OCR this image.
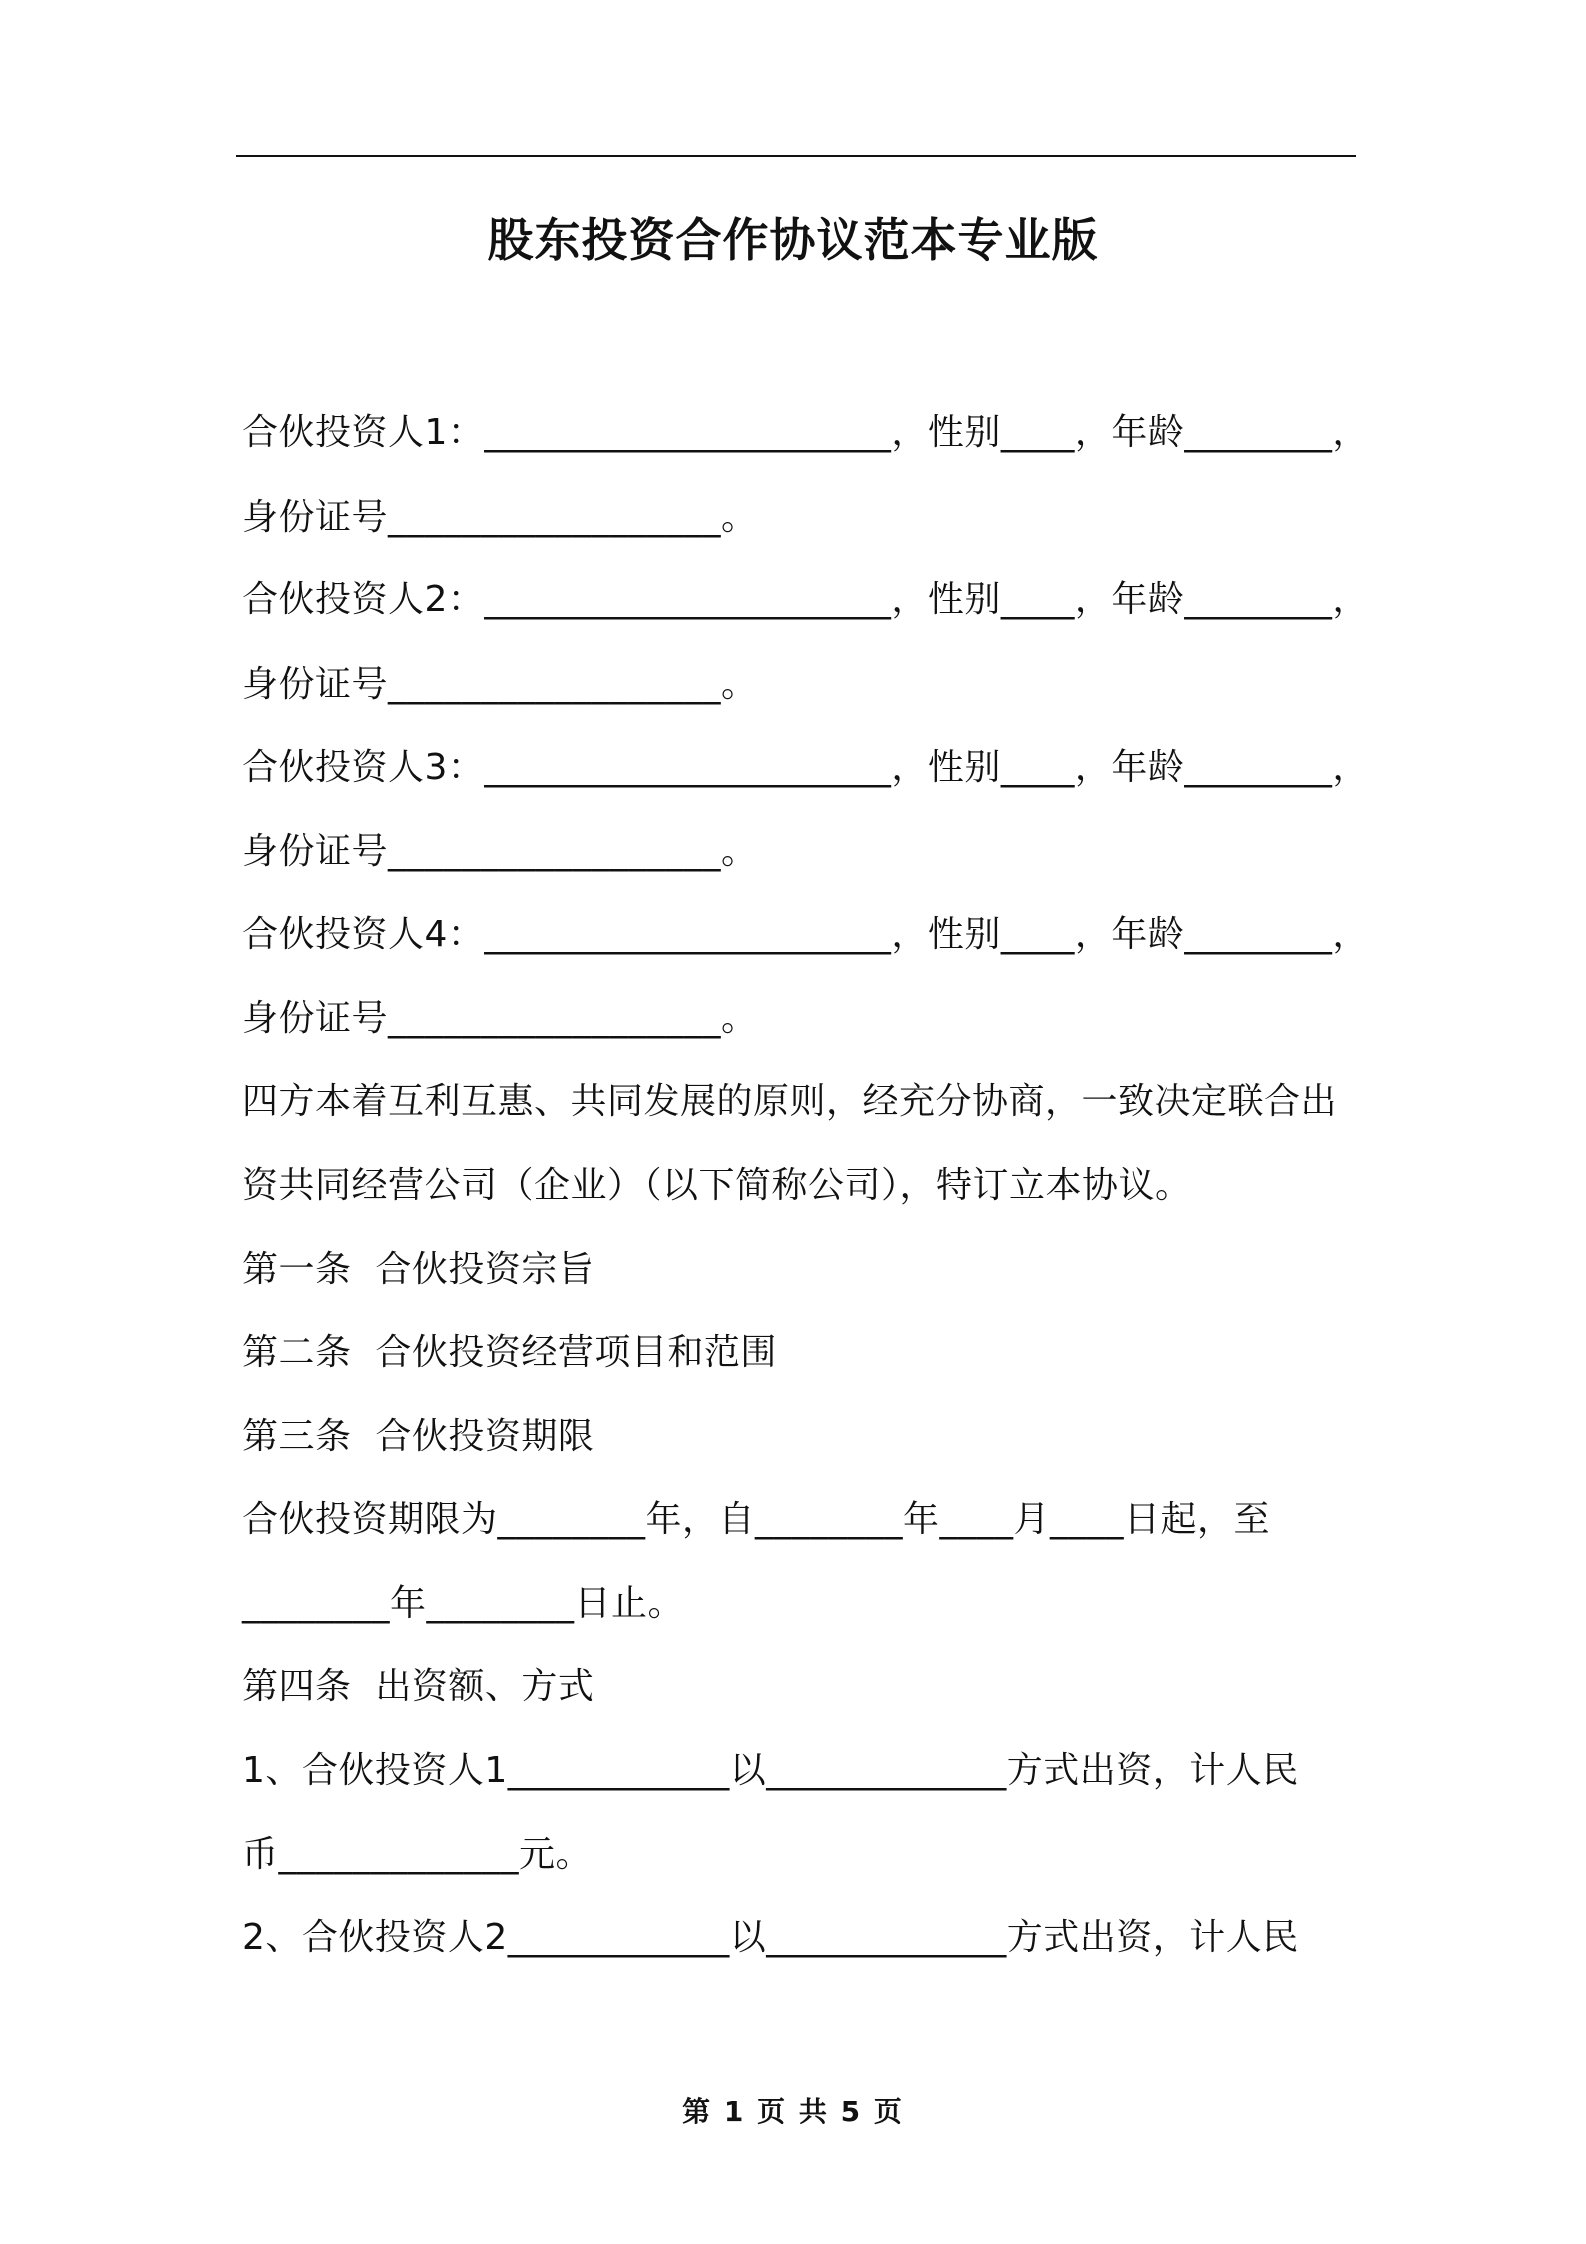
股东投资合作协议范本专业版
合伙投资人1：______________________，性别____，年龄________，
身份证号__________________。
合伙投资人2：______________________，性别____，年龄________，
身份证号__________________。
合伙投资人3：______________________，性别____，年龄________，
身份证号__________________。
合伙投资人4：______________________，性别____，年龄________，
身份证号__________________。
四方本着互利互惠、共同发展的原则，经充分协商，一致决定联合出
资共同经营公司（企业）（以下简称公司），特订立本协议。
第一条  合伙投资宗旨
第二条  合伙投资经营项目和范围
第三条  合伙投资期限
合伙投资期限为________年，自________年____月____日起，至
________年________日止。
第四条  出资额、方式
1、合伙投资人1____________以_____________方式出资，计人民
币_____________元。
2、合伙投资人2____________以_____________方式出资，计人民
第 1 页 共 5 页
